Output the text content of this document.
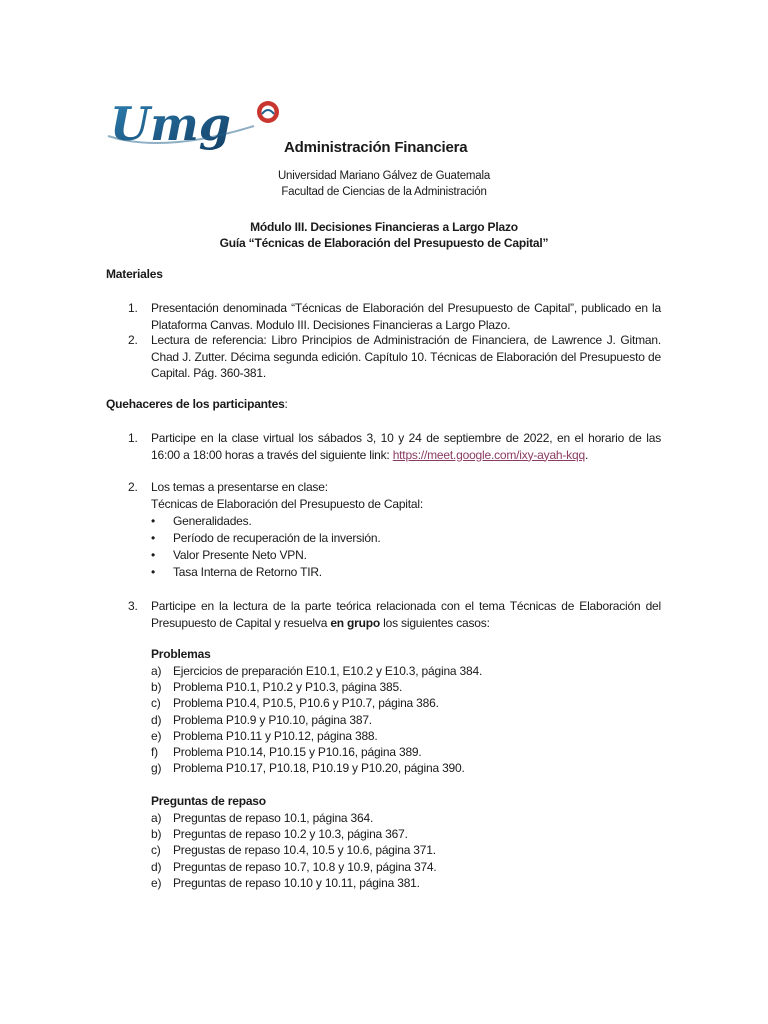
Umg	Administración Financiera
Universidad Mariano Gálvez de Guatemala
Facultad de Ciencias de la Administración
Módulo III. Decisiones Financieras a Largo Plazo
Guía “Técnicas de Elaboración del Presupuesto de Capital”
Materiales
1. Presentación denominada “Técnicas de Elaboración del Presupuesto de Capital”, publicado en la Plataforma Canvas. Modulo III. Decisiones Financieras a Largo Plazo.
2. Lectura de referencia: Libro Principios de Administración de Financiera, de Lawrence J. Gitman. Chad J. Zutter. Décima segunda edición. Capítulo 10. Técnicas de Elaboración del Presupuesto de Capital. Pág. 360-381.
Quehaceres de los participantes:
1. Participe en la clase virtual los sábados 3, 10 y 24 de septiembre de 2022, en el horario de las 16:00 a 18:00 horas a través del siguiente link: https://meet.google.com/ixy-ayah-kqq.
2. Los temas a presentarse en clase:
Técnicas de Elaboración del Presupuesto de Capital:
• Generalidades.
• Período de recuperación de la inversión.
• Valor Presente Neto VPN.
• Tasa Interna de Retorno TIR.
3. Participe en la lectura de la parte teórica relacionada con el tema Técnicas de Elaboración del Presupuesto de Capital y resuelva en grupo los siguientes casos:
Problemas
a) Ejercicios de preparación E10.1, E10.2 y E10.3, página 384.
b) Problema P10.1, P10.2 y P10.3, página 385.
c) Problema P10.4, P10.5, P10.6 y P10.7, página 386.
d) Problema P10.9 y P10.10, página 387.
e) Problema P10.11 y P10.12, página 388.
f) Problema P10.14, P10.15 y P10.16, página 389.
g) Problema P10.17, P10.18, P10.19 y P10.20, página 390.
Preguntas de repaso
a) Preguntas de repaso 10.1, página 364.
b) Preguntas de repaso 10.2 y 10.3, página 367.
c) Pregustas de repaso 10.4, 10.5 y 10.6, página 371.
d) Preguntas de repaso 10.7, 10.8 y 10.9, página 374.
e) Preguntas de repaso 10.10 y 10.11, página 381.
